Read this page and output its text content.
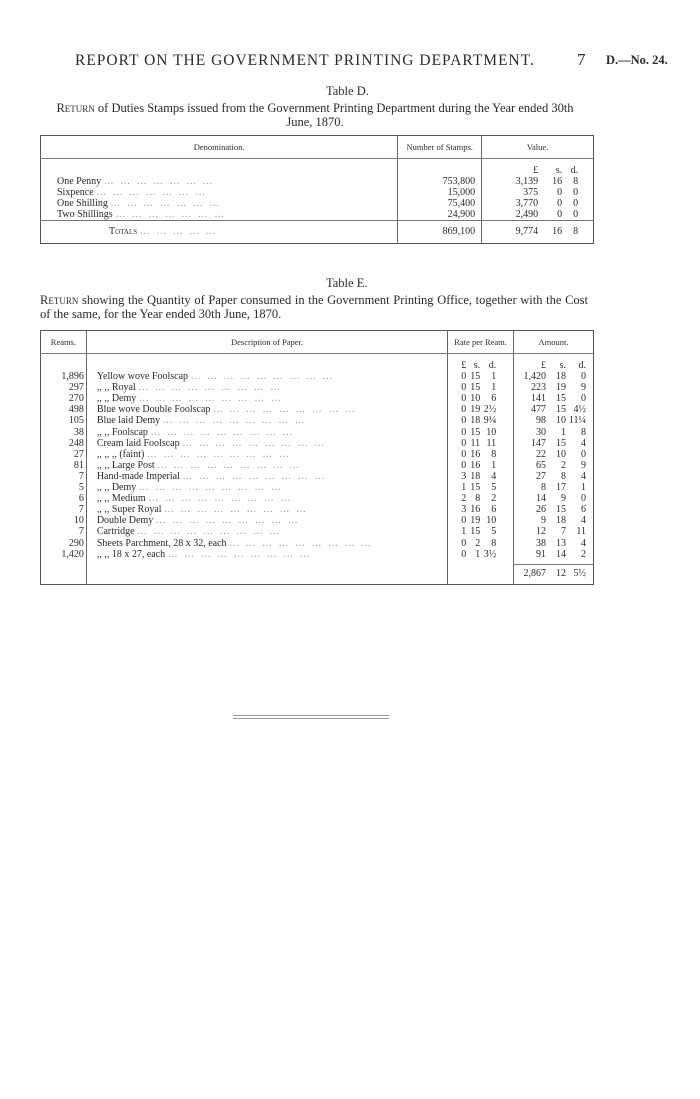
REPORT ON THE GOVERNMENT PRINTING DEPARTMENT. 7 D.—No. 24.
Table D.
Return of Duties Stamps issued from the Government Printing Department during the Year ended 30th June, 1870.
Denomination.	Number of Stamps.	Value.

		£ s. d.
One Penny … … … … … … …	753,800	3,139 16 8
Sixpence … … … … … … …	15,000	375 0 0
One Shilling … … … … … … …	75,400	3,770 0 0
Two Shillings … … … … … … …	24,900	2,490 0 0
Totals … … … … …	869,100	9,774 16 8
Table E.
Return showing the Quantity of Paper consumed in the Government Printing Office, together with the Cost of the same, for the Year ended 30th June, 1870.
Reams.	Description of Paper.	Rate per Ream.	Amount.

		£ s. d.	£ s. d.
1,896	Yellow wove Foolscap … … … … … … … … …	0 15 1	1,420 18 0
297	,, ,, Royal … … … … … … … … …	0 15 1	223 19 9
270	,, ,, Demy … … … … … … … … …	0 10 6	141 15 0
498	Blue wove Double Foolscap … … … … … … … … …	0 19 2½	477 15 4½
105	Blue laid Demy … … … … … … … … …	0 18 9¼	98 10 11¼
38	,, ,, Foolscap … … … … … … … … …	0 15 10	30 1 8
248	Cream laid Foolscap … … … … … … … … …	0 11 11	147 15 4
27	,, ,, ,, (faint) … … … … … … … … …	0 16 8	22 10 0
81	,, ,, Large Post … … … … … … … … …	0 16 1	65 2 9
7	Hand-made Imperial … … … … … … … … …	3 18 4	27 8 4
5	,, ,, Demy … … … … … … … … …	1 15 5	8 17 1
6	,, ,, Medium … … … … … … … … …	2 8 2	14 9 0
7	,, ,, Super Royal … … … … … … … … …	3 16 6	26 15 6
10	Double Demy … … … … … … … … …	0 19 10	9 18 4
7	Cartridge … … … … … … … … …	1 15 5	12 7 11
290	Sheets Parchment, 28 x 32, each … … … … … … … … …	0 2 8	38 13 4
1,420	,, ,, 18 x 27, each … … … … … … … … …	0 1 3½	91 14 2

			2,867 12 5½
